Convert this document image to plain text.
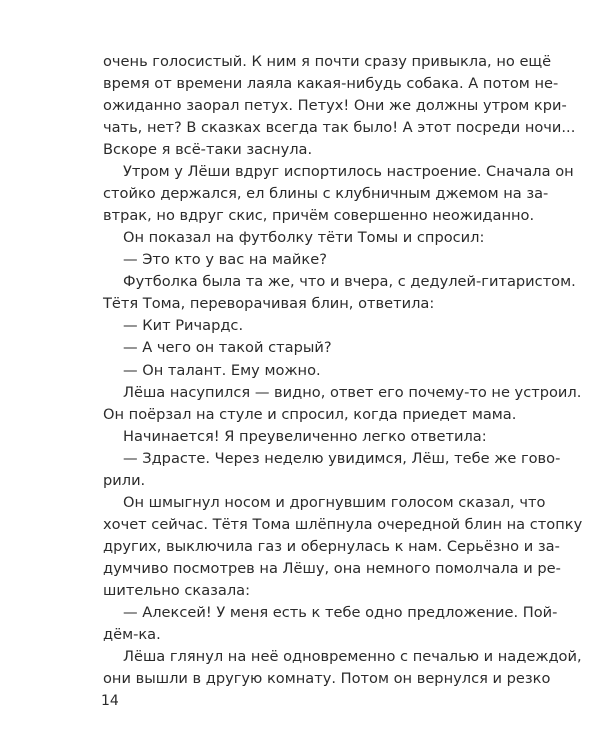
очень голосистый. К ним я почти сразу привыкла, но ещё
время от времени лаяла какая-нибудь собака. А потом не-
ожиданно заорал петух. Петух! Они же должны утром кри-
чать, нет? В сказках всегда так было! А этот посреди ночи...
Вскоре я всё-таки заснула.
Утром у Лёши вдруг испортилось настроение. Сначала он
стойко держался, ел блины с клубничным джемом на за-
втрак, но вдруг скис, причём совершенно неожиданно.
Он показал на футболку тёти Томы и спросил:
— Это кто у вас на майке?
Футболка была та же, что и вчера, с дедулей-гитаристом.
Тётя Тома, переворачивая блин, ответила:
— Кит Ричардс.
— А чего он такой старый?
— Он талант. Ему можно.
Лёша насупился — видно, ответ его почему-то не устроил.
Он поёрзал на стуле и спросил, когда приедет мама.
Начинается! Я преувеличенно легко ответила:
— Здрасте. Через неделю увидимся, Лёш, тебе же гово-
рили.
Он шмыгнул носом и дрогнувшим голосом сказал, что
хочет сейчас. Тётя Тома шлёпнула очередной блин на стопку
других, выключила газ и обернулась к нам. Серьёзно и за-
думчиво посмотрев на Лёшу, она немного помолчала и ре-
шительно сказала:
— Алексей! У меня есть к тебе одно предложение. Пой-
дём-ка.
Лёша глянул на неё одновременно с печалью и надеждой,
они вышли в другую комнату. Потом он вернулся и резко
14
